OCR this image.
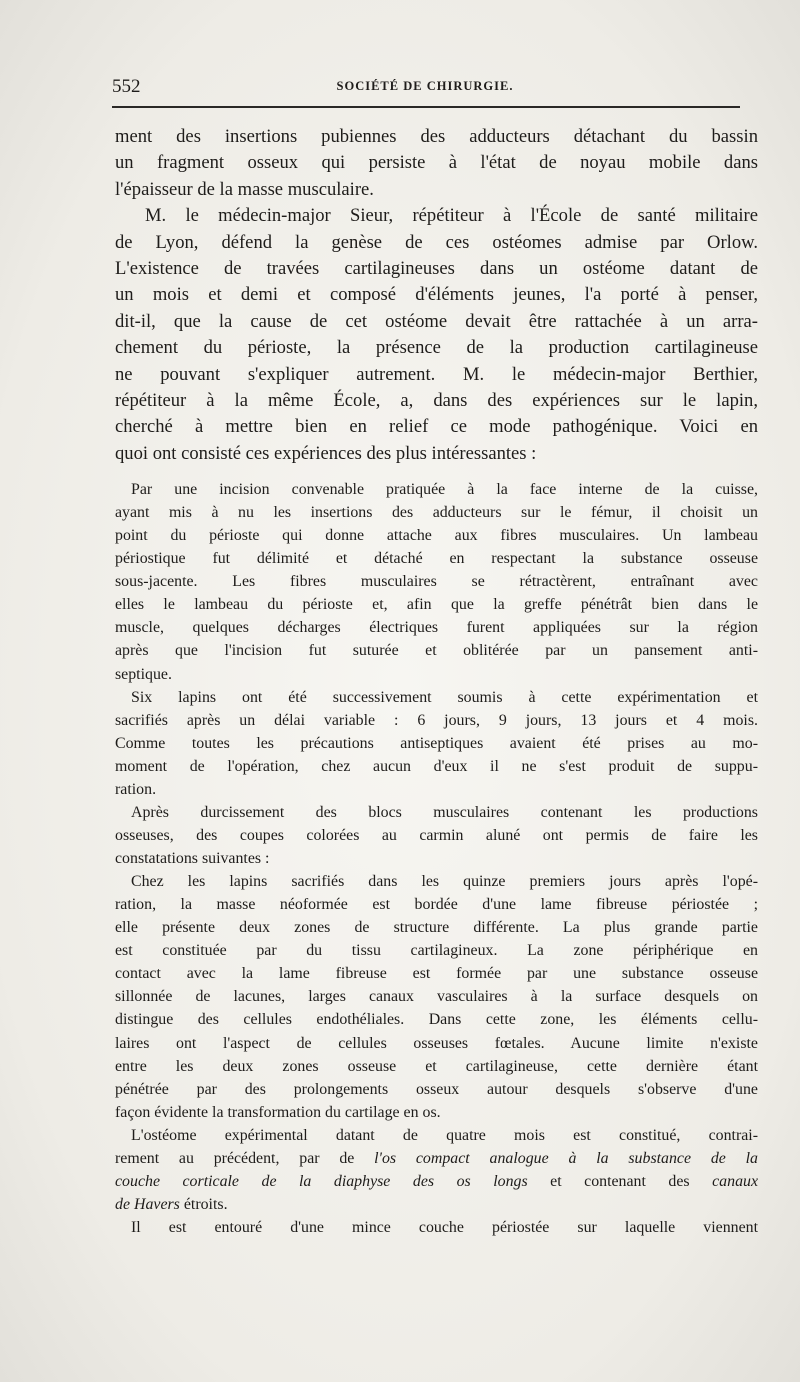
552	SOCIÉTÉ DE CHIRURGIE.
ment des insertions pubiennes des adducteurs détachant du bassin
un fragment osseux qui persiste à l'état de noyau mobile dans
l'épaisseur de la masse musculaire.
M. le médecin-major Sieur, répétiteur à l'École de santé militaire
de Lyon, défend la genèse de ces ostéomes admise par Orlow.
L'existence de travées cartilagineuses dans un ostéome datant de
un mois et demi et composé d'éléments jeunes, l'a porté à penser,
dit-il, que la cause de cet ostéome devait être rattachée à un arra-
chement du périoste, la présence de la production cartilagineuse
ne pouvant s'expliquer autrement. M. le médecin-major Berthier,
répétiteur à la même École, a, dans des expériences sur le lapin,
cherché à mettre bien en relief ce mode pathogénique. Voici en
quoi ont consisté ces expériences des plus intéressantes :
Par une incision convenable pratiquée à la face interne de la cuisse,
ayant mis à nu les insertions des adducteurs sur le fémur, il choisit un
point du périoste qui donne attache aux fibres musculaires. Un lambeau
périostique fut délimité et détaché en respectant la substance osseuse
sous-jacente. Les fibres musculaires se rétractèrent, entraînant avec
elles le lambeau du périoste et, afin que la greffe pénétrât bien dans le
muscle, quelques décharges électriques furent appliquées sur la région
après que l'incision fut suturée et oblitérée par un pansement anti-
septique.
Six lapins ont été successivement soumis à cette expérimentation et
sacrifiés après un délai variable : 6 jours, 9 jours, 13 jours et 4 mois.
Comme toutes les précautions antiseptiques avaient été prises au mo-
moment de l'opération, chez aucun d'eux il ne s'est produit de suppu-
ration.
Après durcissement des blocs musculaires contenant les productions
osseuses, des coupes colorées au carmin aluné ont permis de faire les
constatations suivantes :
Chez les lapins sacrifiés dans les quinze premiers jours après l'opé-
ration, la masse néoformée est bordée d'une lame fibreuse périostée ;
elle présente deux zones de structure différente. La plus grande partie
est constituée par du tissu cartilagineux. La zone périphérique en
contact avec la lame fibreuse est formée par une substance osseuse
sillonnée de lacunes, larges canaux vasculaires à la surface desquels on
distingue des cellules endothéliales. Dans cette zone, les éléments cellu-
laires ont l'aspect de cellules osseuses fœtales. Aucune limite n'existe
entre les deux zones osseuse et cartilagineuse, cette dernière étant
pénétrée par des prolongements osseux autour desquels s'observe d'une
façon évidente la transformation du cartilage en os.
L'ostéome expérimental datant de quatre mois est constitué, contrai-
rement au précédent, par de l'os compact analogue à la substance de la
couche corticale de la diaphyse des os longs et contenant des canaux
de Havers étroits.
Il est entouré d'une mince couche périostée sur laquelle viennent
